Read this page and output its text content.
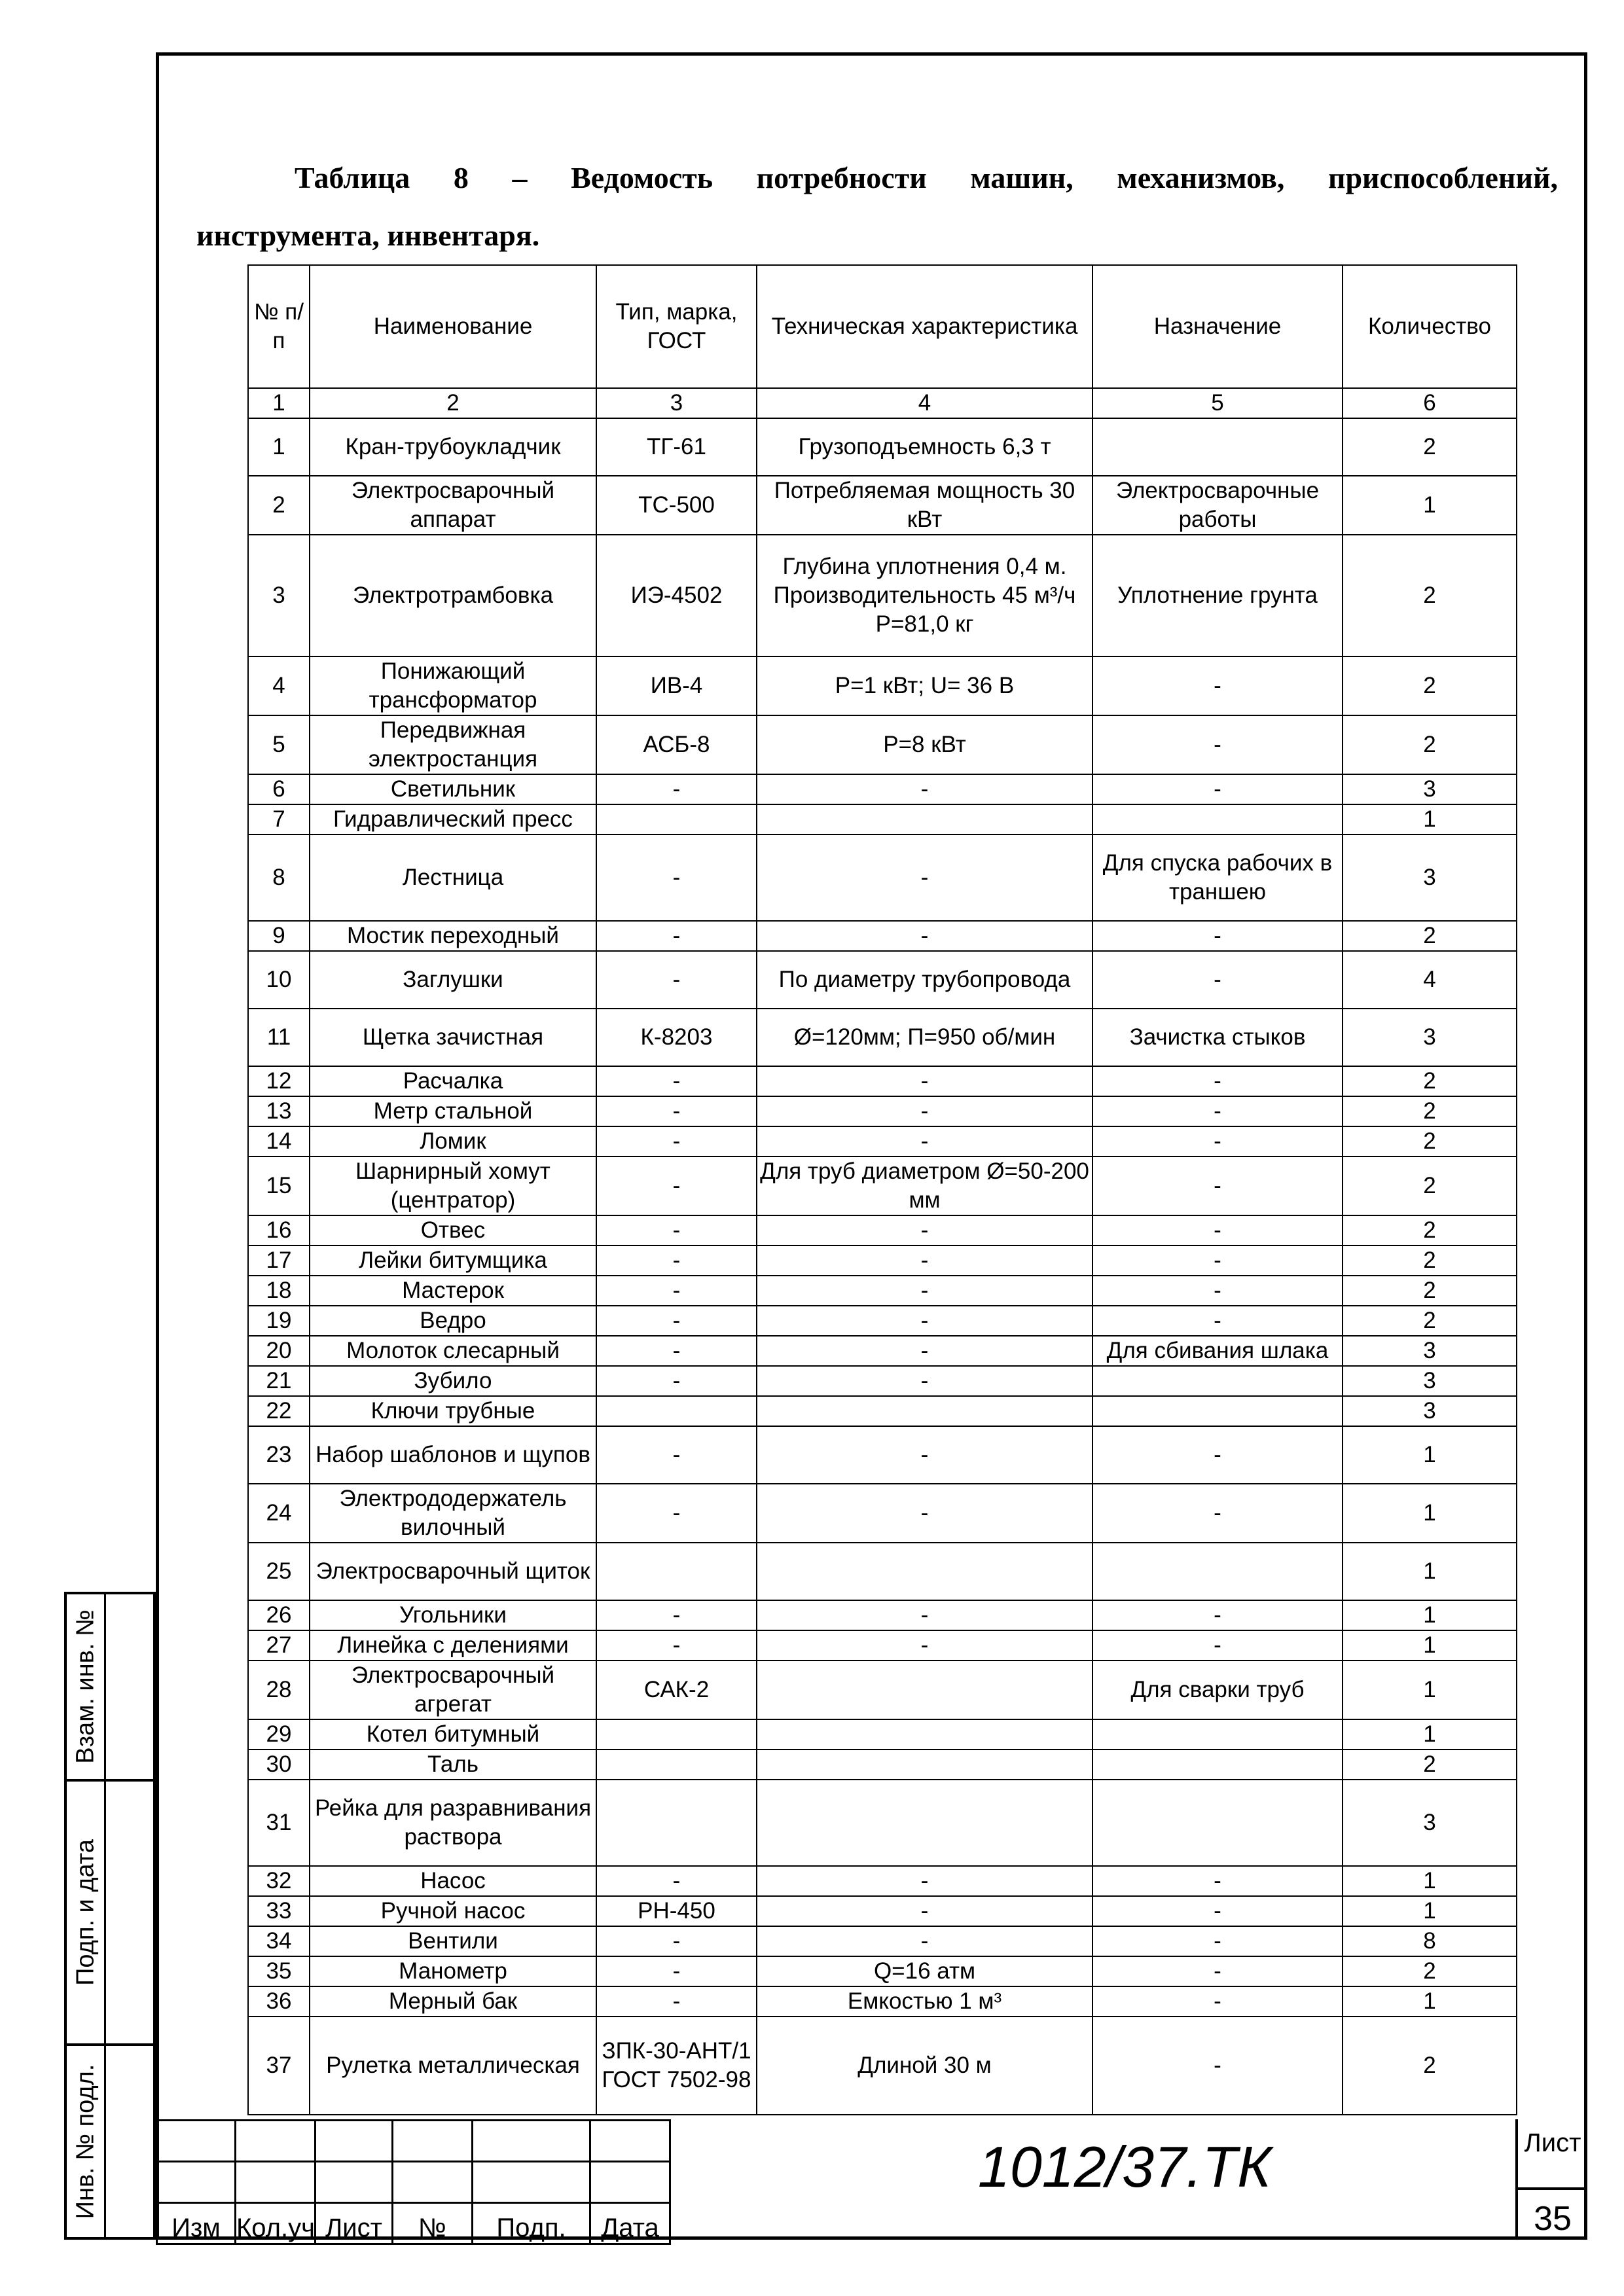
Взам. инв. №
Подп. и дата
Инв. № подл.
Таблица 8 – Ведомость потребности машин, механизмов, приспособлений,
инструмента, инвентаря.
№ п/п	Наименование	Тип, марка, ГОСТ	Техническая характеристика	Назначение	Количество
1	2	3	4	5	6
1	Кран-трубоукладчик	ТГ-61	Грузоподъемность 6,3 т		2
2	Электросварочный аппарат	ТС-500	Потребляемая мощность 30 кВт	Электросварочные работы	1
3	Электротрамбовка	ИЭ-4502	Глубина уплотнения 0,4 м. Производительность 45 м³/ч Р=81,0 кг	Уплотнение грунта	2
4	Понижающий трансформатор	ИВ-4	Р=1 кВт; U= 36 В	-	2
5	Передвижная электростанция	АСБ-8	Р=8 кВт	-	2
6	Светильник	-	-	-	3
7	Гидравлический пресс				1
8	Лестница	-	-	Для спуска рабочих в траншею	3
9	Мостик переходный	-	-	-	2
10	Заглушки	-	По диаметру трубопровода	-	4
11	Щетка зачистная	К-8203	Ø=120мм; П=950 об/мин	Зачистка стыков	3
12	Расчалка	-	-	-	2
13	Метр стальной	-	-	-	2
14	Ломик	-	-	-	2
15	Шарнирный хомут (центратор)	-	Для труб диаметром Ø=50-200 мм	-	2
16	Отвес	-	-	-	2
17	Лейки битумщика	-	-	-	2
18	Мастерок	-	-	-	2
19	Ведро	-	-	-	2
20	Молоток слесарный	-	-	Для сбивания шлака	3
21	Зубило	-	-		3
22	Ключи трубные				3
23	Набор шаблонов и щупов	-	-	-	1
24	Электрододержатель вилочный	-	-	-	1
25	Электросварочный щиток				1
26	Угольники	-	-	-	1
27	Линейка с делениями	-	-	-	1
28	Электросварочный агрегат	САК-2		Для сварки труб	1
29	Котел битумный				1
30	Таль				2
31	Рейка для разравнивания раствора				3
32	Насос	-	-	-	1
33	Ручной насос	РН-450	-	-	1
34	Вентили	-	-	-	8
35	Манометр	-	Q=16 атм	-	2
36	Мерный бак	-	Емкостью 1 м³	-	1
37	Рулетка металлическая	ЗПК-30-АНТ/1 ГОСТ 7502-98	Длиной 30 м	-	2

Изм	Кол.уч	Лист	№	Подп.	Дата
1012/37.ТК	Лист
35
